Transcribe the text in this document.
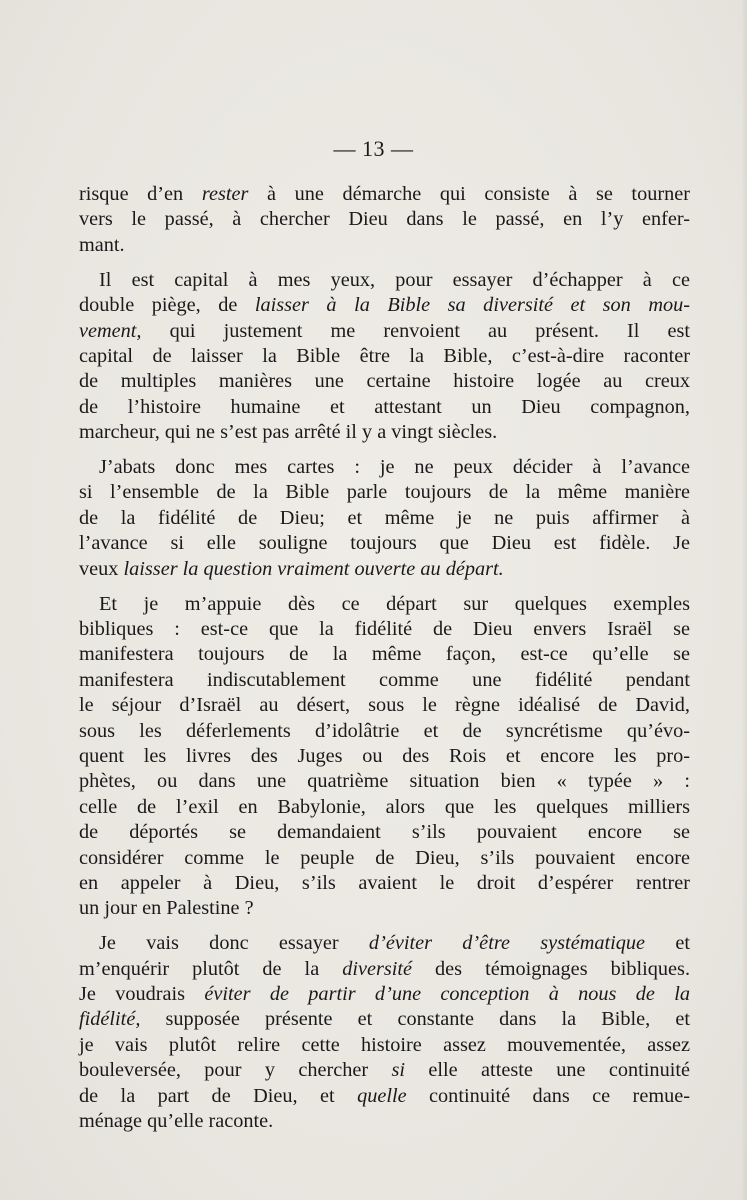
— 13 —
risque d’en rester à une démarche qui consiste à se tourner
vers le passé, à chercher Dieu dans le passé, en l’y enfer-
mant.
Il est capital à mes yeux, pour essayer d’échapper à ce
double piège, de laisser à la Bible sa diversité et son mou-
vement, qui justement me renvoient au présent. Il est
capital de laisser la Bible être la Bible, c’est-à-dire raconter
de multiples manières une certaine histoire logée au creux
de l’histoire humaine et attestant un Dieu compagnon,
marcheur, qui ne s’est pas arrêté il y a vingt siècles.
J’abats donc mes cartes : je ne peux décider à l’avance
si l’ensemble de la Bible parle toujours de la même manière
de la fidélité de Dieu; et même je ne puis affirmer à
l’avance si elle souligne toujours que Dieu est fidèle. Je
veux laisser la question vraiment ouverte au départ.
Et je m’appuie dès ce départ sur quelques exemples
bibliques : est-ce que la fidélité de Dieu envers Israël se
manifestera toujours de la même façon, est-ce qu’elle se
manifestera indiscutablement comme une fidélité pendant
le séjour d’Israël au désert, sous le règne idéalisé de David,
sous les déferlements d’idolâtrie et de syncrétisme qu’évo-
quent les livres des Juges ou des Rois et encore les pro-
phètes, ou dans une quatrième situation bien « typée » :
celle de l’exil en Babylonie, alors que les quelques milliers
de déportés se demandaient s’ils pouvaient encore se
considérer comme le peuple de Dieu, s’ils pouvaient encore
en appeler à Dieu, s’ils avaient le droit d’espérer rentrer
un jour en Palestine ?
Je vais donc essayer d’éviter d’être systématique et
m’enquérir plutôt de la diversité des témoignages bibliques.
Je voudrais éviter de partir d’une conception à nous de la
fidélité, supposée présente et constante dans la Bible, et
je vais plutôt relire cette histoire assez mouvementée, assez
bouleversée, pour y chercher si elle atteste une continuité
de la part de Dieu, et quelle continuité dans ce remue-
ménage qu’elle raconte.
